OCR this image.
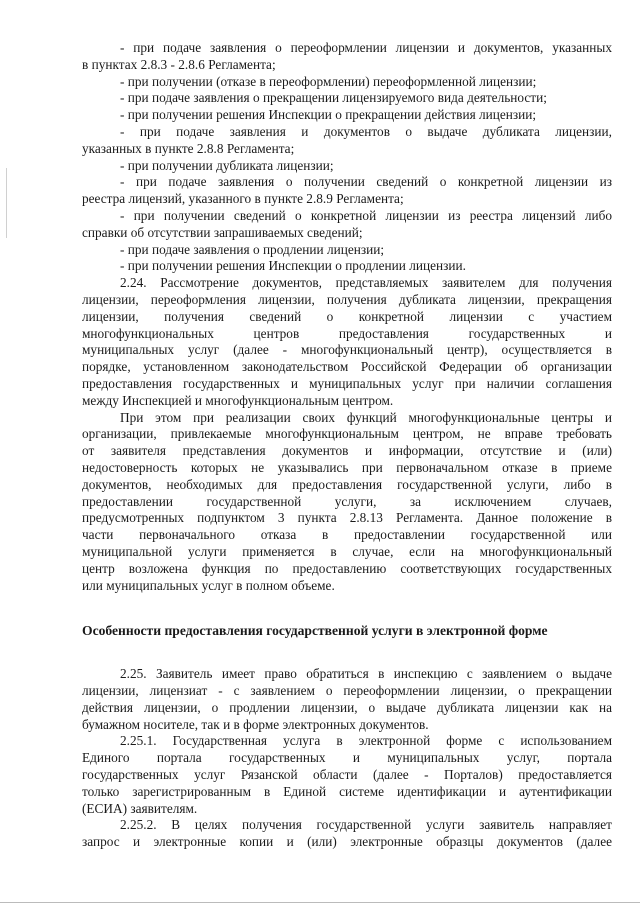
- при подаче заявления о переоформлении лицензии и документов, указанных
в пунктах 2.8.3 - 2.8.6 Регламента;
- при получении (отказе в переоформлении) переоформленной лицензии;
- при подаче заявления о прекращении лицензируемого вида деятельности;
- при получении решения Инспекции о прекращении действия лицензии;
- при подаче заявления и документов о выдаче дубликата лицензии,
указанных в пункте 2.8.8 Регламента;
- при получении дубликата лицензии;
- при подаче заявления о получении сведений о конкретной лицензии из
реестра лицензий, указанного в пункте 2.8.9 Регламента;
- при получении сведений о конкретной лицензии из реестра лицензий либо
справки об отсутствии запрашиваемых сведений;
- при подаче заявления о продлении лицензии;
- при получении решения Инспекции о продлении лицензии.
2.24. Рассмотрение документов, представляемых заявителем для получения
лицензии, переоформления лицензии, получения дубликата лицензии, прекращения
лицензии, получения сведений о конкретной лицензии с участием
многофункциональных центров предоставления государственных и
муниципальных услуг (далее - многофункциональный центр), осуществляется в
порядке, установленном законодательством Российской Федерации об организации
предоставления государственных и муниципальных услуг при наличии соглашения
между Инспекцией и многофункциональным центром.
При этом при реализации своих функций многофункциональные центры и
организации, привлекаемые многофункциональным центром, не вправе требовать
от заявителя представления документов и информации, отсутствие и (или)
недостоверность которых не указывались при первоначальном отказе в приеме
документов, необходимых для предоставления государственной услуги, либо в
предоставлении государственной услуги, за исключением случаев,
предусмотренных подпунктом 3 пункта 2.8.13 Регламента. Данное положение в
части первоначального отказа в предоставлении государственной или
муниципальной услуги применяется в случае, если на многофункциональный
центр возложена функция по предоставлению соответствующих государственных
или муниципальных услуг в полном объеме.
Особенности предоставления государственной услуги в электронной форме
2.25. Заявитель имеет право обратиться в инспекцию с заявлением о выдаче
лицензии, лицензиат - с заявлением о переоформлении лицензии, о прекращении
действия лицензии, о продлении лицензии, о выдаче дубликата лицензии как на
бумажном носителе, так и в форме электронных документов.
2.25.1. Государственная услуга в электронной форме с использованием
Единого портала государственных и муниципальных услуг, портала
государственных услуг Рязанской области (далее - Порталов) предоставляется
только зарегистрированным в Единой системе идентификации и аутентификации
(ЕСИА) заявителям.
2.25.2. В целях получения государственной услуги заявитель направляет
запрос и электронные копии и (или) электронные образцы документов (далее
